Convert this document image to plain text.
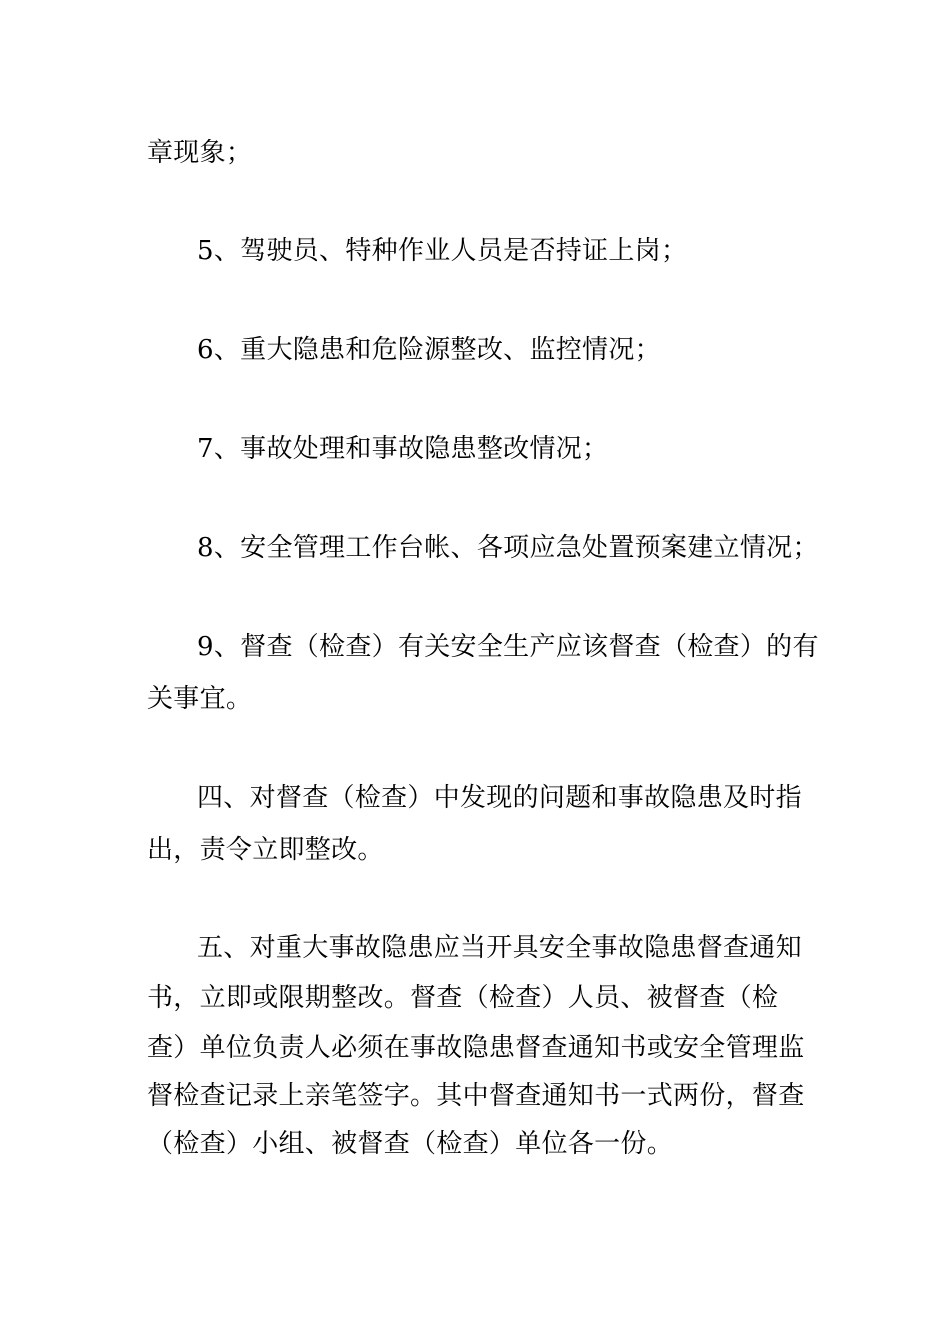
章现象；
5、驾驶员、特种作业人员是否持证上岗；
6、重大隐患和危险源整改、监控情况；
7、事故处理和事故隐患整改情况；
8、安全管理工作台帐、各项应急处置预案建立情况；
9、督查（检查）有关安全生产应该督查（检查）的有
关事宜。
四、对督查（检查）中发现的问题和事故隐患及时指
出，责令立即整改。
五、对重大事故隐患应当开具安全事故隐患督查通知
书，立即或限期整改。督查（检查）人员、被督查（检
查）单位负责人必须在事故隐患督查通知书或安全管理监
督检查记录上亲笔签字。其中督查通知书一式两份，督查
（检查）小组、被督查（检查）单位各一份。
